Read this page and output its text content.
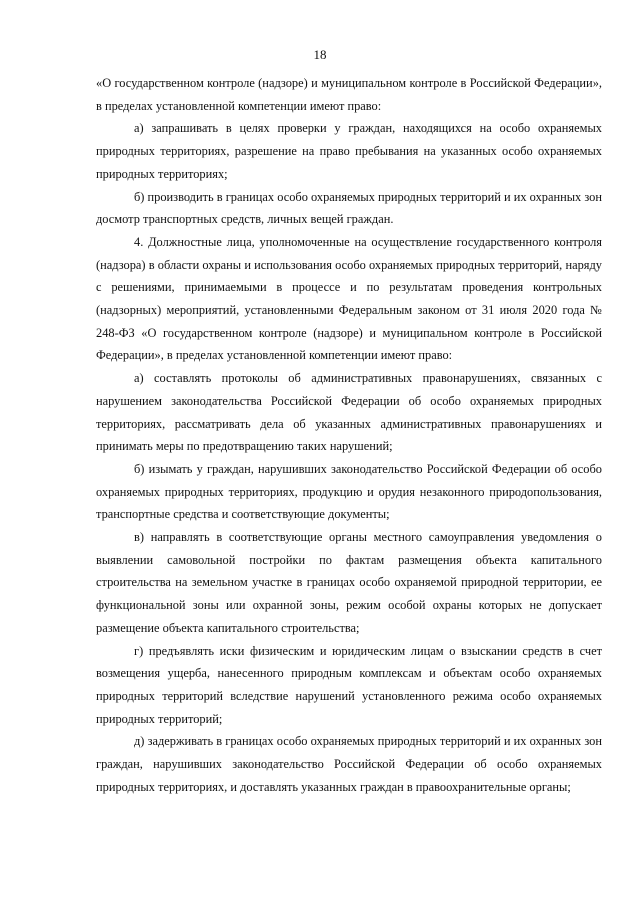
18

«О государственном контроле (надзоре) и муниципальном контроле в Российской Федерации», в пределах установленной компетенции имеют право:

а) запрашивать в целях проверки у граждан, находящихся на особо охраняемых природных территориях, разрешение на право пребывания на указанных особо охраняемых природных территориях;

б) производить в границах особо охраняемых природных территорий и их охранных зон досмотр транспортных средств, личных вещей граждан.

4. Должностные лица, уполномоченные на осуществление государственного контроля (надзора) в области охраны и использования особо охраняемых природных территорий, наряду с решениями, принимаемыми в процессе и по результатам проведения контрольных (надзорных) мероприятий, установленными Федеральным законом от 31 июля 2020 года № 248-ФЗ «О государственном контроле (надзоре) и муниципальном контроле в Российской Федерации», в пределах установленной компетенции имеют право:

а) составлять протоколы об административных правонарушениях, связанных с нарушением законодательства Российской Федерации об особо охраняемых природных территориях, рассматривать дела об указанных административных правонарушениях и принимать меры по предотвращению таких нарушений;

б) изымать у граждан, нарушивших законодательство Российской Федерации об особо охраняемых природных территориях, продукцию и орудия незаконного природопользования, транспортные средства и соответствующие документы;

в) направлять в соответствующие органы местного самоуправления уведомления о выявлении самовольной постройки по фактам размещения объекта капитального строительства на земельном участке в границах особо охраняемой природной территории, ее функциональной зоны или охранной зоны, режим особой охраны которых не допускает размещение объекта капитального строительства;

г) предъявлять иски физическим и юридическим лицам о взыскании средств в счет возмещения ущерба, нанесенного природным комплексам и объектам особо охраняемых природных территорий вследствие нарушений установленного режима особо охраняемых природных территорий;

д) задерживать в границах особо охраняемых природных территорий и их охранных зон граждан, нарушивших законодательство Российской Федерации об особо охраняемых природных территориях, и доставлять указанных граждан в правоохранительные органы;
